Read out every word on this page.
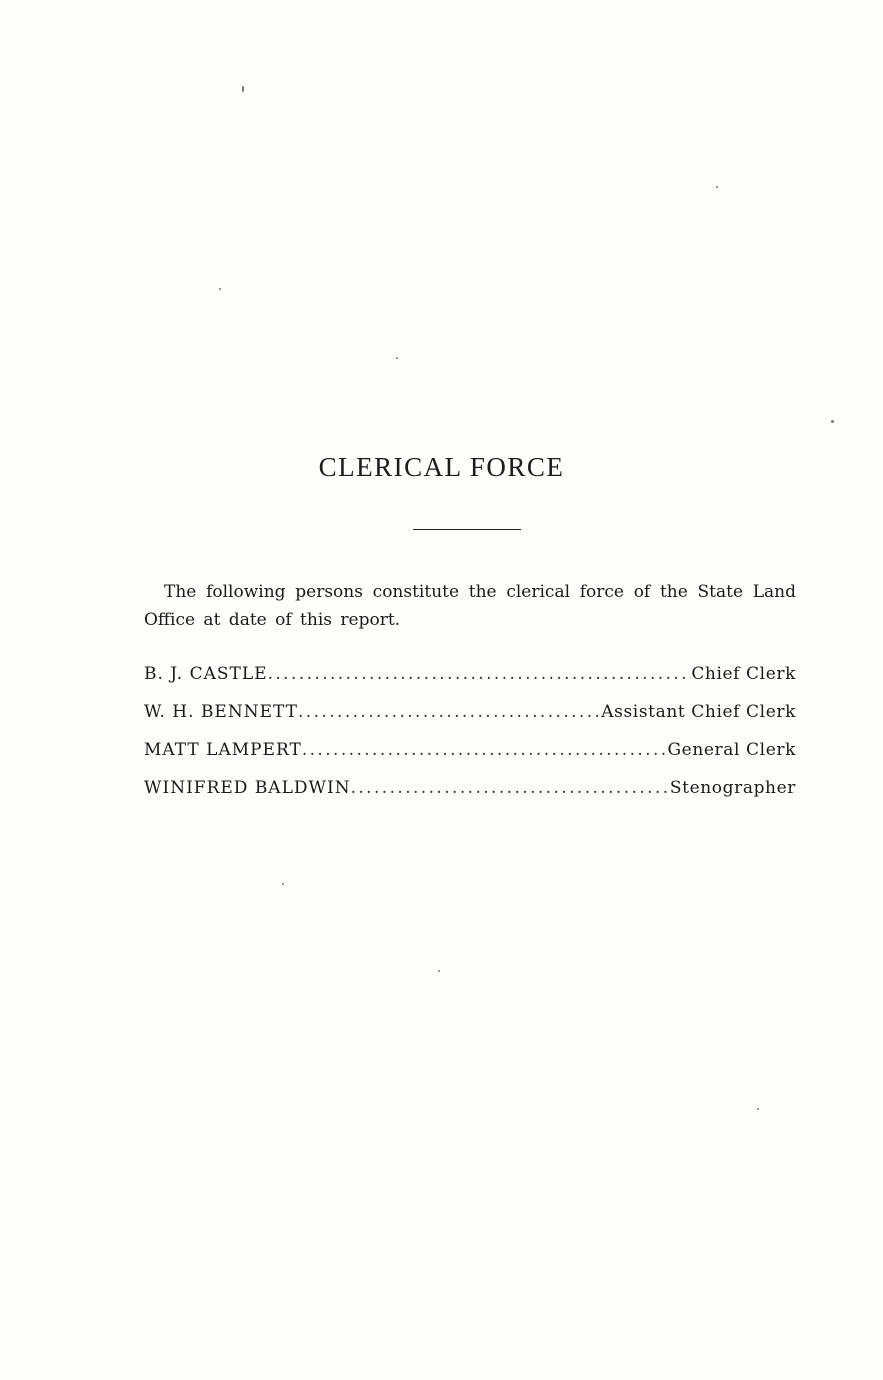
CLERICAL FORCE

The following persons constitute the clerical force of the State Land Office at date of this report.

B. J. CASTLE .....	Chief Clerk
W. H. BENNETT .....	Assistant Chief Clerk
MATT LAMPERT .....	General Clerk
WINIFRED BALDWIN .....	Stenographer
